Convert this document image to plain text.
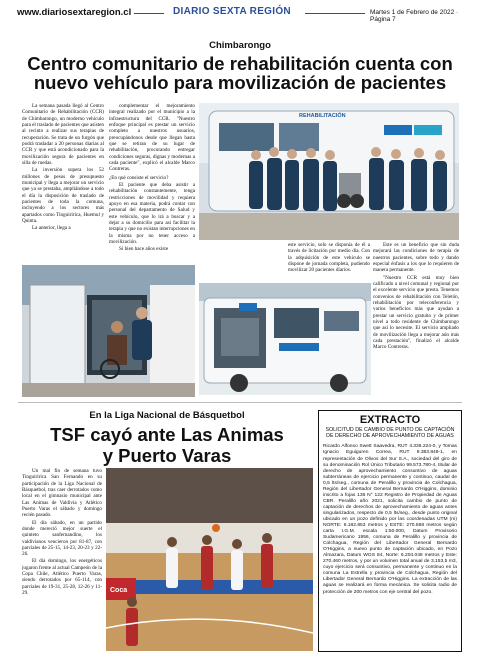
www.diariosextaregion.cl	DIARIO SEXTA REGIÓN	Martes 1 de Febrero de 2022 · Página 7
Chimbarongo
Centro comunitario de rehabilitación cuenta con nuevo vehículo para movilización de pacientes

La semana pasada llegó al Centro Comunitario de Rehabilitación (CCR) de Chimbarongo, un moderno vehículo para el traslado de pacientes que asisten al recinto a realizar sus terapias de recuperación. Se trata de un furgón que podrá trasladar a 20 personas diarias al CCR y que está acondicionado para la movilización segura de pacientes en silla de ruedas.

La inversión supera los 52 millones de pesos de presupuesto municipal y llega a mejorar un servicio que ya se prestaba, ampliándose a todo el día la disposición de traslado de pacientes de toda la comuna, incluyendo a los sectores más apartados como Tinguiririca, Huemul y Quinta.

La anterior, llega a

complementar el mejoramiento integral realizado por el municipio a la infraestructura del CCR. "Nuestro enfoque principal es prestar un servicio completo a nuestros usuarios, preocupándonos desde que llegan hasta que se retiran de su lugar de rehabilitación, procurando entregar condiciones seguras, dignas y modernas a cada paciente", explicó el alcalde Marco Contreras.

¿En qué consiste el servicio?

El paciente que deba asistir a rehabilitación constantemente, tenga restricciones de movilidad y requiera apoyo en esa materia, podrá contar con personal del departamento de Salud y este vehículo, que lo irá a buscar y a dejar a su domicilio para así facilitar la terapia y que no existan interrupciones en la misma por no tener acceso a movilización.

Si bien hace años existe

REHABILITACIÓN

este servicio, solo se disponía de él a través de licitación por medio día. Con la adquisición de este vehículo se dispone de jornada completa, pudiendo movilizar 20 pacientes diarios.

Este es un beneficio que sin duda mejorará las condiciones de terapia de nuestros pacientes, sobre todo y dando especial énfasis a los que lo requieren de manera permanente.

"Nuestro CCR está muy bien calificado a nivel comunal y regional por el excelente servicio que presta. Tenemos convenios de rehabilitación con Teletón, rehabilitación por teleconferencia y varios beneficios más que ayudan a prestar un servicio gratuito y de primer nivel a todo residente de Chimbarongo que así lo necesite. El servicio ampliado de movilización llega a mejorar aún más cada prestación", finalizó el alcalde Marco Contreras.

En la Liga Nacional de Básquetbol
TSF cayó ante Las Animas
y Puerto Varas

Un mal fin de semana tuvo Tinguiririca San Fernando en su participación de la Liga Nacional de Básquetbol, tras caer derrotados como local en el gimnasio municipal ante Las Animas de Valdivia y Atlético Puerto Varas el sábado y domingo recién pasado.

El día sábado, en un partido donde mereció mejor suerte el quinteto sanfernandino, los valdivianos vencieron por 81-87, con parciales de 25-15, 14-23, 20-23 y 22-26.

El día domingo, los energéticos jugaron frente al actual Campeón de la Copa Chile, Atlético Puerto Varas, siendo derrotados por 65-114, con parciales de 19-31, 25-28, 12-26 y 11-29.	Coca
EXTRACTO
SOLICITUD DE CAMBIO DE PUNTO DE CAPTACIÓN DE DERECHO DE APROVECHAMIENTO DE AGUAS
Ricardo Alfonso Swett Saavedra, RUT 4.336.224-0, y Tomas Ignacio Eguiguren Correa, RUT 9.383.849-1, en representación de Olivos del Sur S.A., sociedad del giro de su denominación Rol Único Tributario 99.573.780-4, titular de derecho de aprovechamiento consuntivo de aguas subterráneas de ejercicio permanente y continuo, caudal de 0,5 lts/seg., comuna de Peralillo y provincia de Colchagua, Región del Libertador General Bernardo O'Higgins, dominio inscrito a fojas 136 N° 122 Registro de Propiedad de Aguas CBR. Peralillo año 2021, solicita cambio de punto de captación de derechos de aprovechamiento de aguas antes singularizados, respecto de 0,5 lts/seg., desde punto original ubicado en un pozo definido por las coordenadas UTM (m) NORTE: 6.182.853 metros y ESTE: 270.568 metros según carta I.G.M. escala 1:50.000, Datum Provisorio Sudamericano 1956, comuna de Peralillo y provincia de Colchagua, Región del Libertador General Bernardo O'Higgins, a nuevo punto de captación ubicado, en Pozo Almazara, Datum WGS 84, Norte: 6.204.048 metros y Este: 270.460 metros, y por un volumen total anual de 3.153,5 m3, cuyo ejercicio será consuntivo, permanente y continuo en la comuna La Estrella y provincia de Colchagua, Región del Libertador General Bernardo O'Higgins. La extracción de las aguas se realizará en forma mecánica. Se solicita radio de protección de 200 metros con eje central del pozo.
